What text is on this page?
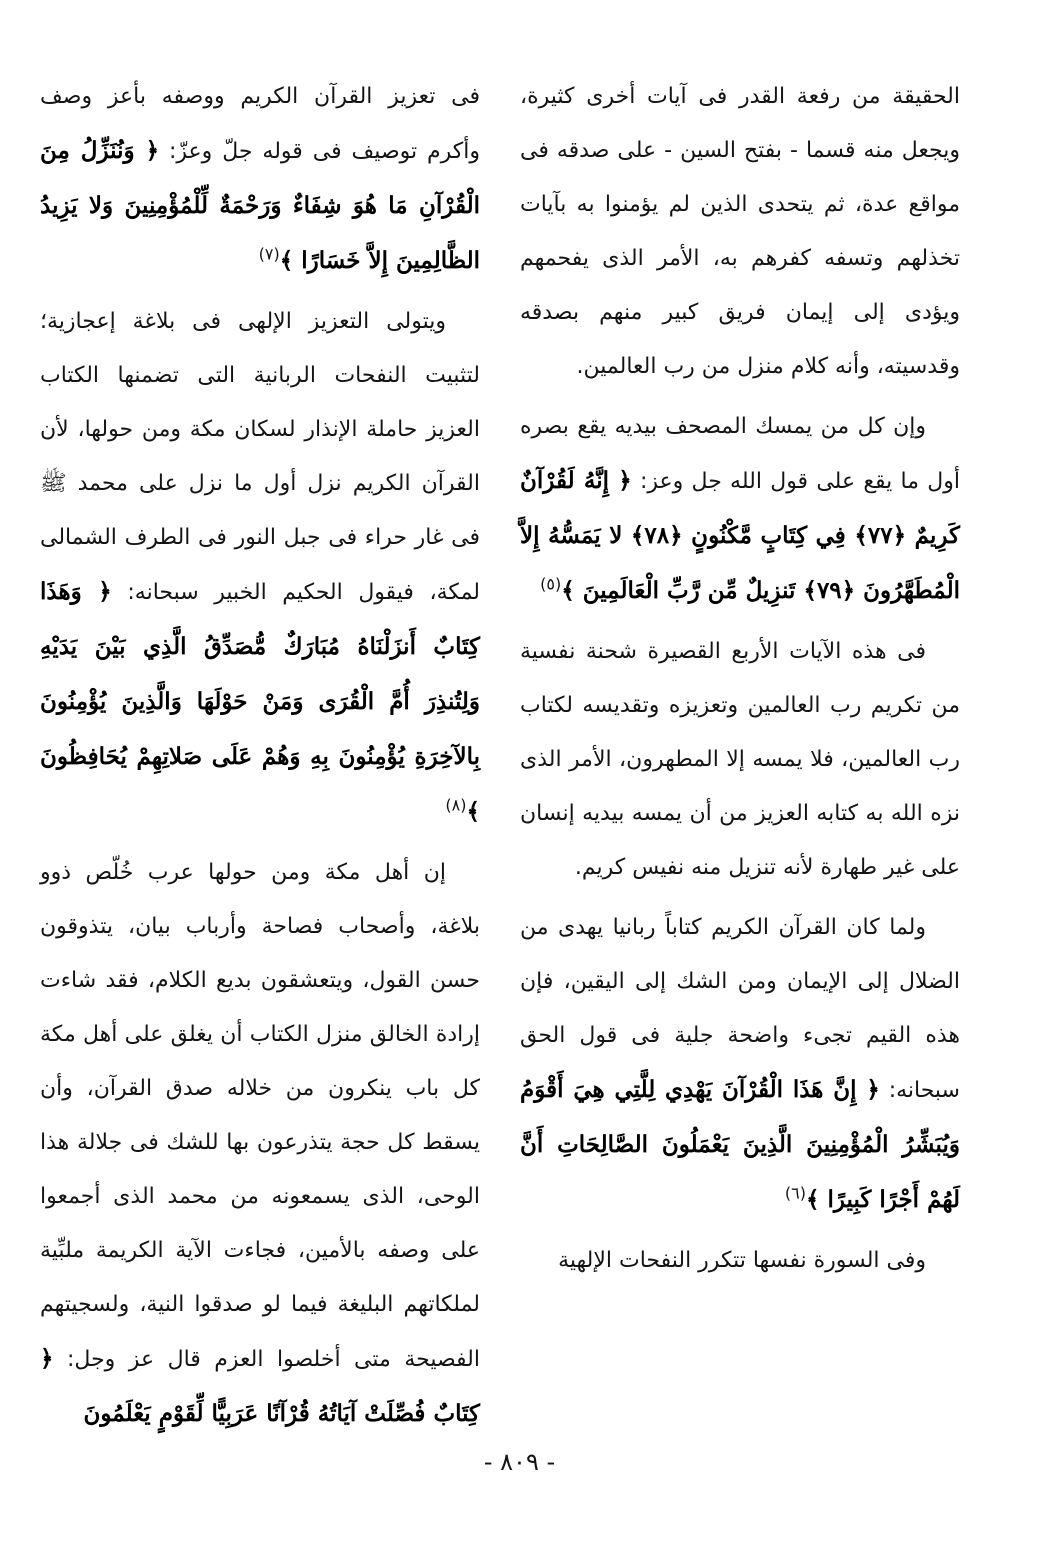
الحقيقة من رفعة القدر فى آيات أخرى كثيرة، ويجعل منه قسما - بفتح السين - على صدقه فى مواقع عدة، ثم يتحدى الذين لم يؤمنوا به بآيات تخذلهم وتسفه كفرهم به، الأمر الذى يفحمهم ويؤدى إلى إيمان فريق كبير منهم بصدقه وقدسيته، وأنه كلام منزل من رب العالمين.

وإن كل من يمسك المصحف بيديه يقع بصره أول ما يقع على قول الله جل وعز: ﴿ إِنَّهُ لَقُرْآنٌ كَرِيمٌ ﴿٧٧﴾ فِي كِتَابٍ مَّكْنُونٍ ﴿٧٨﴾ لا يَمَسُّهُ إِلاَّ الْمُطَهَّرُونَ ﴿٧٩﴾ تَنزِيلٌ مِّن رَّبِّ الْعَالَمِينَ ﴾$^{(٥)}$

فى هذه الآيات الأربع القصيرة شحنة نفسية من تكريم رب العالمين وتعزيزه وتقديسه لكتاب رب العالمين، فلا يمسه إلا المطهرون، الأمر الذى نزه الله به كتابه العزيز من أن يمسه بيديه إنسان على غير طهارة لأنه تنزيل منه نفيس كريم.

ولما كان القرآن الكريم كتاباً ربانيا يهدى من الضلال إلى الإيمان ومن الشك إلى اليقين، فإن هذه القيم تجىء واضحة جلية فى قول الحق سبحانه: ﴿ إِنَّ هَذَا الْقُرْآنَ يَهْدِي لِلَّتِي هِيَ أَقْوَمُ وَيُبَشِّرُ الْمُؤْمِنِينَ الَّذِينَ يَعْمَلُونَ الصَّالِحَاتِ أَنَّ لَهُمْ أَجْرًا كَبِيرًا ﴾$^{(٦)}$

وفى السورة نفسها تتكرر النفحات الإلهية

فى تعزيز القرآن الكريم ووصفه بأعز وصف وأكرم توصيف فى قوله جلّ وعزّ: ﴿ وَنُنَزِّلُ مِنَ الْقُرْآنِ مَا هُوَ شِفَاءٌ وَرَحْمَةٌ لِّلْمُؤْمِنِينَ وَلا يَزِيدُ الظَّالِمِينَ إِلاَّ خَسَارًا ﴾$^{(٧)}$

ويتولى التعزيز الإلهى فى بلاغة إعجازية؛ لتثبيت النفحات الربانية التى تضمنها الكتاب العزيز حاملة الإنذار لسكان مكة ومن حولها، لأن القرآن الكريم نزل أول ما نزل على محمد ﷺ فى غار حراء فى جبل النور فى الطرف الشمالى لمكة، فيقول الحكيم الخبير سبحانه: ﴿ وَهَذَا كِتَابٌ أَنزَلْنَاهُ مُبَارَكٌ مُّصَدِّقُ الَّذِي بَيْنَ يَدَيْهِ وَلِتُنذِرَ أُمَّ الْقُرَى وَمَنْ حَوْلَهَا وَالَّذِينَ يُؤْمِنُونَ بِالآخِرَةِ يُؤْمِنُونَ بِهِ وَهُمْ عَلَى صَلاتِهِمْ يُحَافِظُونَ ﴾$^{(٨)}$

إن أهل مكة ومن حولها عرب خُلّص ذوو بلاغة، وأصحاب فصاحة وأرباب بيان، يتذوقون حسن القول، ويتعشقون بديع الكلام، فقد شاءت إرادة الخالق منزل الكتاب أن يغلق على أهل مكة كل باب ينكرون من خلاله صدق القرآن، وأن يسقط كل حجة يتذرعون بها للشك فى جلالة هذا الوحى، الذى يسمعونه من محمد الذى أجمعوا على وصفه بالأمين، فجاءت الآية الكريمة ملبِّية لملكاتهم البليغة فيما لو صدقوا النية، ولسجيتهم الفصيحة متى أخلصوا العزم قال عز وجل: ﴿ كِتَابٌ فُصِّلَتْ آيَاتُهُ قُرْآنًا عَرَبِيًّا لِّقَوْمٍ يَعْلَمُونَ

- ٨٠٩ -
